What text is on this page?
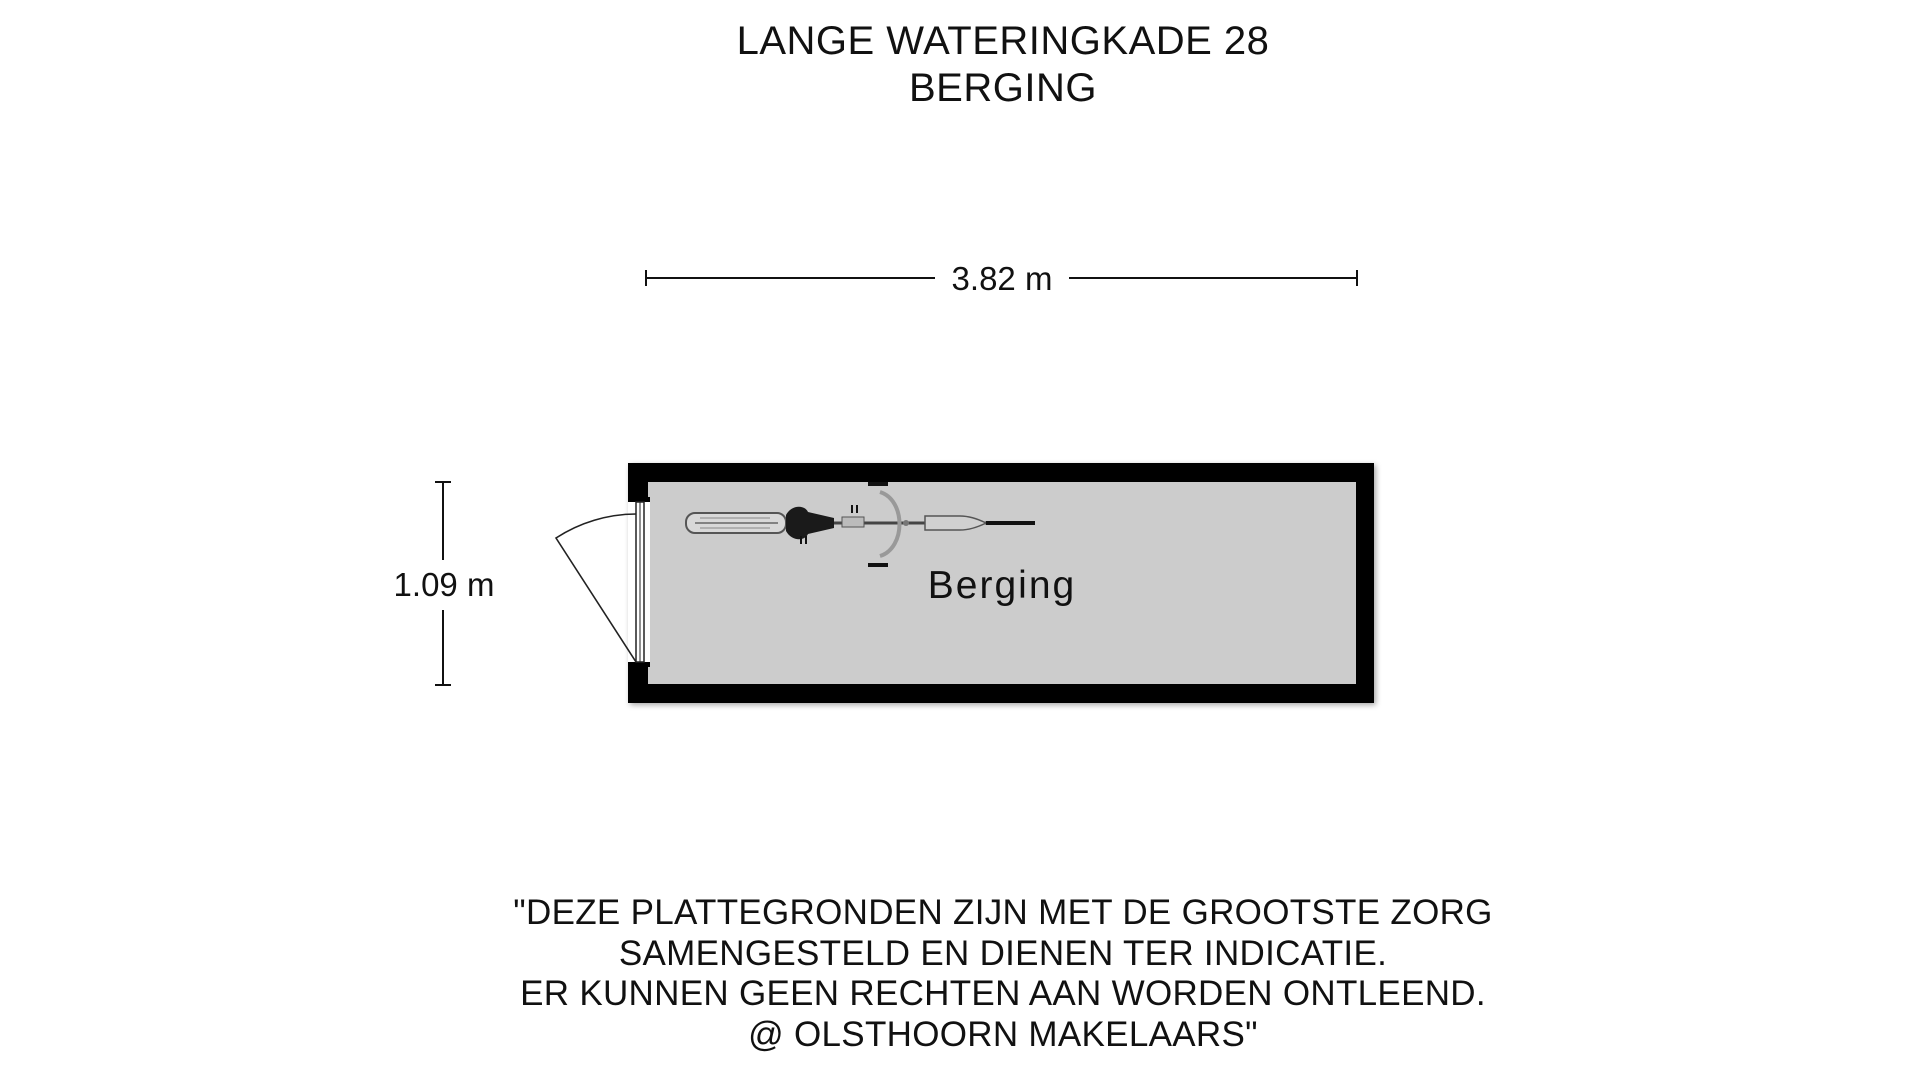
LANGE WATERINGKADE 28
BERGING
3.82 m
1.09 m	Berging
"DEZE PLATTEGRONDEN ZIJN MET DE GROOTSTE ZORG
SAMENGESTELD EN DIENEN TER INDICATIE.
ER KUNNEN GEEN RECHTEN AAN WORDEN ONTLEEND.
@ OLSTHOORN MAKELAARS"
